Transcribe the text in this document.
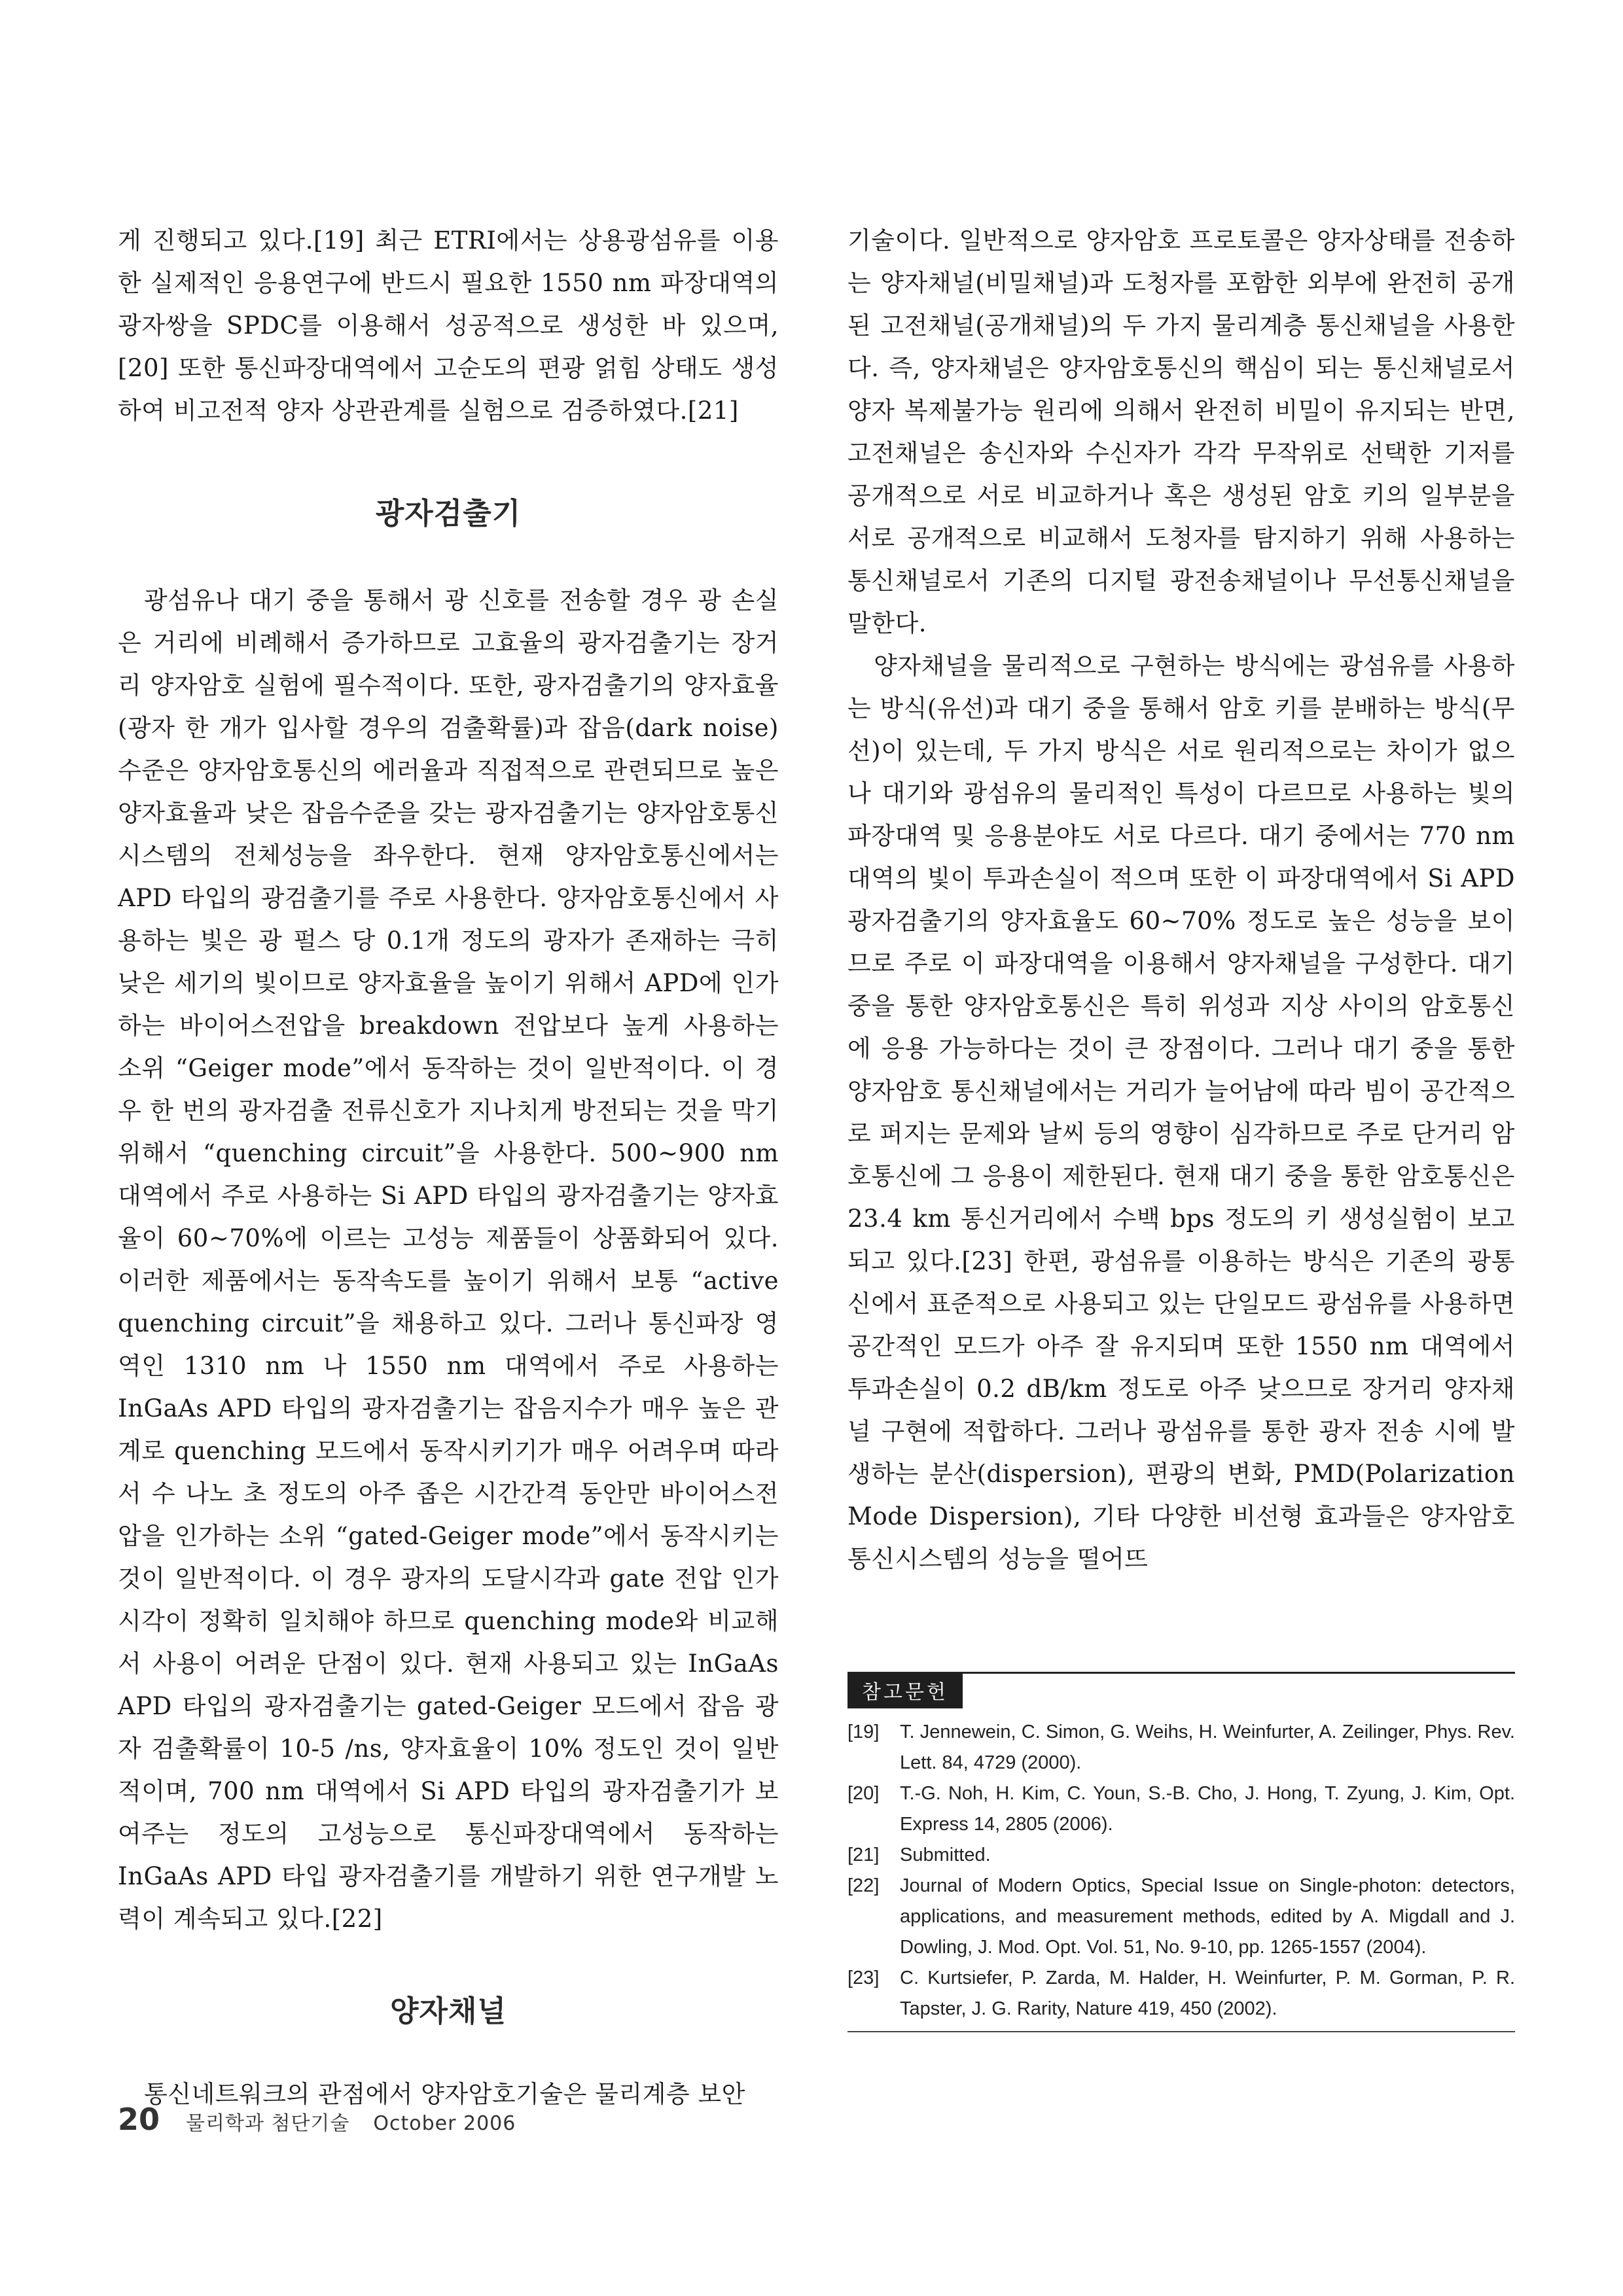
게 진행되고 있다.[19] 최근 ETRI에서는 상용광섬유를 이용한 실제적인 응용연구에 반드시 필요한 1550 nm 파장대역의 광자쌍을 SPDC를 이용해서 성공적으로 생성한 바 있으며,[20] 또한 통신파장대역에서 고순도의 편광 얽힘 상태도 생성하여 비고전적 양자 상관관계를 실험으로 검증하였다.[21]

광자검출기

광섬유나 대기 중을 통해서 광 신호를 전송할 경우 광 손실은 거리에 비례해서 증가하므로 고효율의 광자검출기는 장거리 양자암호 실험에 필수적이다. 또한, 광자검출기의 양자효율(광자 한 개가 입사할 경우의 검출확률)과 잡음(dark noise) 수준은 양자암호통신의 에러율과 직접적으로 관련되므로 높은 양자효율과 낮은 잡음수준을 갖는 광자검출기는 양자암호통신시스템의 전체성능을 좌우한다. 현재 양자암호통신에서는 APD 타입의 광검출기를 주로 사용한다. 양자암호통신에서 사용하는 빛은 광 펄스 당 0.1개 정도의 광자가 존재하는 극히 낮은 세기의 빛이므로 양자효율을 높이기 위해서 APD에 인가하는 바이어스전압을 breakdown 전압보다 높게 사용하는 소위 “Geiger mode”에서 동작하는 것이 일반적이다. 이 경우 한 번의 광자검출 전류신호가 지나치게 방전되는 것을 막기 위해서 “quenching circuit”을 사용한다. 500~900 nm 대역에서 주로 사용하는 Si APD 타입의 광자검출기는 양자효율이 60~70%에 이르는 고성능 제품들이 상품화되어 있다. 이러한 제품에서는 동작속도를 높이기 위해서 보통 “active quenching circuit”을 채용하고 있다. 그러나 통신파장 영역인 1310 nm 나 1550 nm 대역에서 주로 사용하는 InGaAs APD 타입의 광자검출기는 잡음지수가 매우 높은 관계로 quenching 모드에서 동작시키기가 매우 어려우며 따라서 수 나노 초 정도의 아주 좁은 시간간격 동안만 바이어스전압을 인가하는 소위 “gated-Geiger mode”에서 동작시키는 것이 일반적이다. 이 경우 광자의 도달시각과 gate 전압 인가 시각이 정확히 일치해야 하므로 quenching mode와 비교해서 사용이 어려운 단점이 있다. 현재 사용되고 있는 InGaAs APD 타입의 광자검출기는 gated-Geiger 모드에서 잡음 광자 검출확률이 10-5 /ns, 양자효율이 10% 정도인 것이 일반적이며, 700 nm 대역에서 Si APD 타입의 광자검출기가 보여주는 정도의 고성능으로 통신파장대역에서 동작하는 InGaAs APD 타입 광자검출기를 개발하기 위한 연구개발 노력이 계속되고 있다.[22]

양자채널

통신네트워크의 관점에서 양자암호기술은 물리계층 보안

기술이다. 일반적으로 양자암호 프로토콜은 양자상태를 전송하는 양자채널(비밀채널)과 도청자를 포함한 외부에 완전히 공개된 고전채널(공개채널)의 두 가지 물리계층 통신채널을 사용한다. 즉, 양자채널은 양자암호통신의 핵심이 되는 통신채널로서 양자 복제불가능 원리에 의해서 완전히 비밀이 유지되는 반면, 고전채널은 송신자와 수신자가 각각 무작위로 선택한 기저를 공개적으로 서로 비교하거나 혹은 생성된 암호 키의 일부분을 서로 공개적으로 비교해서 도청자를 탐지하기 위해 사용하는 통신채널로서 기존의 디지털 광전송채널이나 무선통신채널을 말한다.

양자채널을 물리적으로 구현하는 방식에는 광섬유를 사용하는 방식(유선)과 대기 중을 통해서 암호 키를 분배하는 방식(무선)이 있는데, 두 가지 방식은 서로 원리적으로는 차이가 없으나 대기와 광섬유의 물리적인 특성이 다르므로 사용하는 빛의 파장대역 및 응용분야도 서로 다르다. 대기 중에서는 770 nm 대역의 빛이 투과손실이 적으며 또한 이 파장대역에서 Si APD 광자검출기의 양자효율도 60~70% 정도로 높은 성능을 보이므로 주로 이 파장대역을 이용해서 양자채널을 구성한다. 대기 중을 통한 양자암호통신은 특히 위성과 지상 사이의 암호통신에 응용 가능하다는 것이 큰 장점이다. 그러나 대기 중을 통한 양자암호 통신채널에서는 거리가 늘어남에 따라 빔이 공간적으로 퍼지는 문제와 날씨 등의 영향이 심각하므로 주로 단거리 암호통신에 그 응용이 제한된다. 현재 대기 중을 통한 암호통신은 23.4 km 통신거리에서 수백 bps 정도의 키 생성실험이 보고되고 있다.[23] 한편, 광섬유를 이용하는 방식은 기존의 광통신에서 표준적으로 사용되고 있는 단일모드 광섬유를 사용하면 공간적인 모드가 아주 잘 유지되며 또한 1550 nm 대역에서 투과손실이 0.2 dB/km 정도로 아주 낮으므로 장거리 양자채널 구현에 적합하다. 그러나 광섬유를 통한 광자 전송 시에 발생하는 분산(dispersion), 편광의 변화, PMD(Polarization Mode Dispersion), 기타 다양한 비선형 효과들은 양자암호 통신시스템의 성능을 떨어뜨

참고문헌
[19]	T. Jennewein, C. Simon, G. Weihs, H. Weinfurter, A. Zeilinger, Phys. Rev. Lett. 84, 4729 (2000).
[20]	T.-G. Noh, H. Kim, C. Youn, S.-B. Cho, J. Hong, T. Zyung, J. Kim, Opt. Express 14, 2805 (2006).
[21]	Submitted.
[22]	Journal of Modern Optics, Special Issue on Single-photon: detectors, applications, and measurement methods, edited by A. Migdall and J. Dowling, J. Mod. Opt. Vol. 51, No. 9-10, pp. 1265-1557 (2004).
[23]	C. Kurtsiefer, P. Zarda, M. Halder, H. Weinfurter, P. M. Gorman, P. R. Tapster, J. G. Rarity, Nature 419, 450 (2002).
20 물리학과 첨단기술 October 2006
